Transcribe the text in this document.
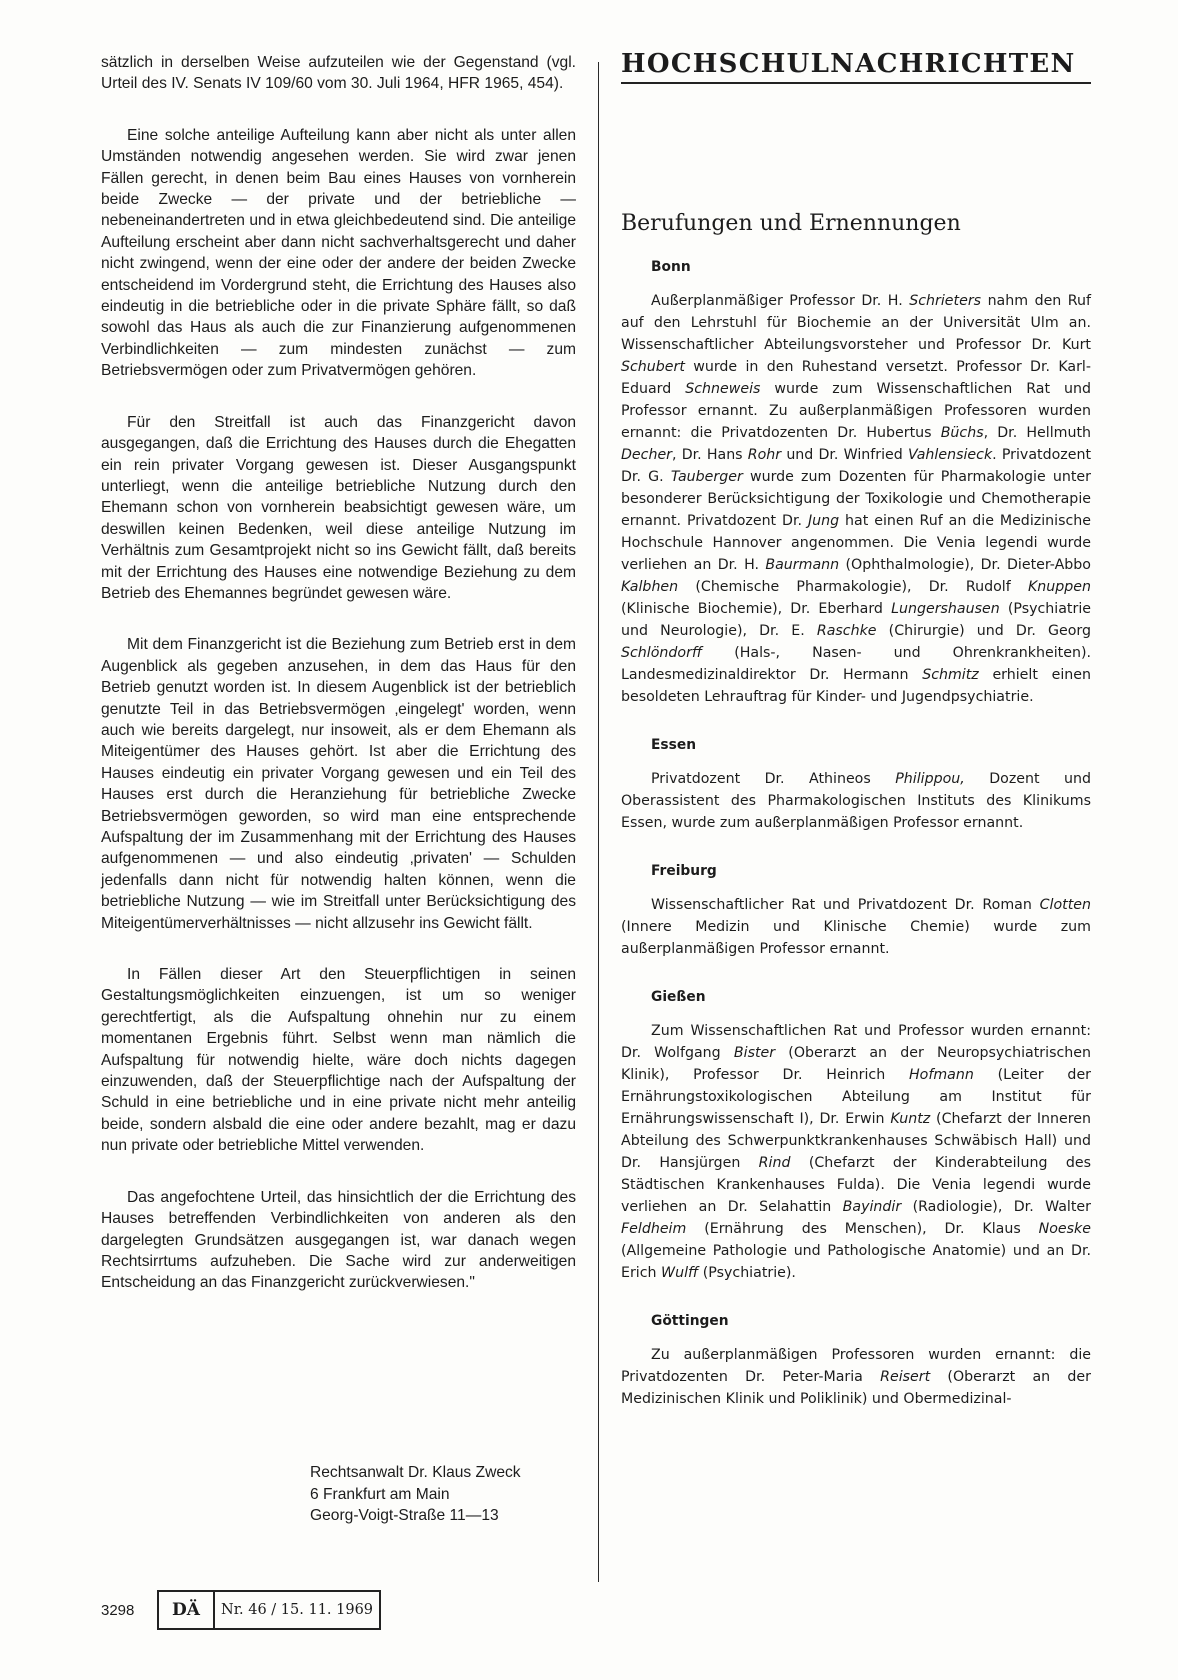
sätzlich in derselben Weise aufzuteilen wie der Gegenstand (vgl. Urteil des IV. Senats IV 109/60 vom 30. Juli 1964, HFR 1965, 454).

Eine solche anteilige Aufteilung kann aber nicht als unter allen Umständen notwendig angesehen werden. Sie wird zwar jenen Fällen gerecht, in denen beim Bau eines Hauses von vornherein beide Zwecke — der private und der betriebliche — nebeneinandertreten und in etwa gleichbedeutend sind. Die anteilige Aufteilung erscheint aber dann nicht sachverhaltsgerecht und daher nicht zwingend, wenn der eine oder der andere der beiden Zwecke entscheidend im Vordergrund steht, die Errichtung des Hauses also eindeutig in die betriebliche oder in die private Sphäre fällt, so daß sowohl das Haus als auch die zur Finanzierung aufgenommenen Verbindlichkeiten — zum mindesten zunächst — zum Betriebsvermögen oder zum Privatvermögen gehören.

Für den Streitfall ist auch das Finanzgericht davon ausgegangen, daß die Errichtung des Hauses durch die Ehegatten ein rein privater Vorgang gewesen ist. Dieser Ausgangspunkt unterliegt, wenn die anteilige betriebliche Nutzung durch den Ehemann schon von vornherein beabsichtigt gewesen wäre, um deswillen keinen Bedenken, weil diese anteilige Nutzung im Verhältnis zum Gesamtprojekt nicht so ins Gewicht fällt, daß bereits mit der Errichtung des Hauses eine notwendige Beziehung zu dem Betrieb des Ehemannes begründet gewesen wäre.

Mit dem Finanzgericht ist die Beziehung zum Betrieb erst in dem Augenblick als gegeben anzusehen, in dem das Haus für den Betrieb genutzt worden ist. In diesem Augenblick ist der betrieblich genutzte Teil in das Betriebsvermögen ‚eingelegt' worden, wenn auch wie bereits dargelegt, nur insoweit, als er dem Ehemann als Miteigentümer des Hauses gehört. Ist aber die Errichtung des Hauses eindeutig ein privater Vorgang gewesen und ein Teil des Hauses erst durch die Heranziehung für betriebliche Zwecke Betriebsvermögen geworden, so wird man eine entsprechende Aufspaltung der im Zusammenhang mit der Errichtung des Hauses aufgenommenen — und also eindeutig ‚privaten' — Schulden jedenfalls dann nicht für notwendig halten können, wenn die betriebliche Nutzung — wie im Streitfall unter Berücksichtigung des Miteigentümerverhältnisses — nicht allzusehr ins Gewicht fällt.

In Fällen dieser Art den Steuerpflichtigen in seinen Gestaltungsmöglichkeiten einzuengen, ist um so weniger gerechtfertigt, als die Aufspaltung ohnehin nur zu einem momentanen Ergebnis führt. Selbst wenn man nämlich die Aufspaltung für notwendig hielte, wäre doch nichts dagegen einzuwenden, daß der Steuerpflichtige nach der Aufspaltung der Schuld in eine betriebliche und in eine private nicht mehr anteilig beide, sondern alsbald die eine oder andere bezahlt, mag er dazu nun private oder betriebliche Mittel verwenden.

Das angefochtene Urteil, das hinsichtlich der die Errichtung des Hauses betreffenden Verbindlichkeiten von anderen als den dargelegten Grundsätzen ausgegangen ist, war danach wegen Rechtsirrtums aufzuheben. Die Sache wird zur anderweitigen Entscheidung an das Finanzgericht zurückverwiesen."

Rechtsanwalt Dr. Klaus Zweck
6 Frankfurt am Main
Georg-Voigt-Straße 11—13
HOCHSCHULNACHRICHTEN
Berufungen und Ernennungen
Bonn

Außerplanmäßiger Professor Dr. H. Schrieters nahm den Ruf auf den Lehrstuhl für Biochemie an der Universität Ulm an. Wissenschaftlicher Abteilungsvorsteher und Professor Dr. Kurt Schubert wurde in den Ruhestand versetzt. Professor Dr. Karl-Eduard Schneweis wurde zum Wissenschaftlichen Rat und Professor ernannt. Zu außerplanmäßigen Professoren wurden ernannt: die Privatdozenten Dr. Hubertus Büchs, Dr. Hellmuth Decher, Dr. Hans Rohr und Dr. Winfried Vahlensieck. Privatdozent Dr. G. Tauberger wurde zum Dozenten für Pharmakologie unter besonderer Berücksichtigung der Toxikologie und Chemotherapie ernannt. Privatdozent Dr. Jung hat einen Ruf an die Medizinische Hochschule Hannover angenommen. Die Venia legendi wurde verliehen an Dr. H. Baurmann (Ophthalmologie), Dr. Dieter-Abbo Kalbhen (Chemische Pharmakologie), Dr. Rudolf Knuppen (Klinische Biochemie), Dr. Eberhard Lungershausen (Psychiatrie und Neurologie), Dr. E. Raschke (Chirurgie) und Dr. Georg Schlöndorff (Hals-, Nasen- und Ohrenkrankheiten). Landesmedizinaldirektor Dr. Hermann Schmitz erhielt einen besoldeten Lehrauftrag für Kinder- und Jugendpsychiatrie.

Essen

Privatdozent Dr. Athineos Philippou, Dozent und Oberassistent des Pharmakologischen Instituts des Klinikums Essen, wurde zum außerplanmäßigen Professor ernannt.

Freiburg

Wissenschaftlicher Rat und Privatdozent Dr. Roman Clotten (Innere Medizin und Klinische Chemie) wurde zum außerplanmäßigen Professor ernannt.

Gießen

Zum Wissenschaftlichen Rat und Professor wurden ernannt: Dr. Wolfgang Bister (Oberarzt an der Neuropsychiatrischen Klinik), Professor Dr. Heinrich Hofmann (Leiter der Ernährungstoxikologischen Abteilung am Institut für Ernährungswissenschaft I), Dr. Erwin Kuntz (Chefarzt der Inneren Abteilung des Schwerpunktkrankenhauses Schwäbisch Hall) und Dr. Hansjürgen Rind (Chefarzt der Kinderabteilung des Städtischen Krankenhauses Fulda). Die Venia legendi wurde verliehen an Dr. Selahattin Bayindir (Radiologie), Dr. Walter Feldheim (Ernährung des Menschen), Dr. Klaus Noeske (Allgemeine Pathologie und Pathologische Anatomie) und an Dr. Erich Wulff (Psychiatrie).

Göttingen

Zu außerplanmäßigen Professoren wurden ernannt: die Privatdozenten Dr. Peter-Maria Reisert (Oberarzt an der Medizinischen Klinik und Poliklinik) und Obermedizinal-

3298	DÄ	Nr. 46 / 15. 11. 1969
